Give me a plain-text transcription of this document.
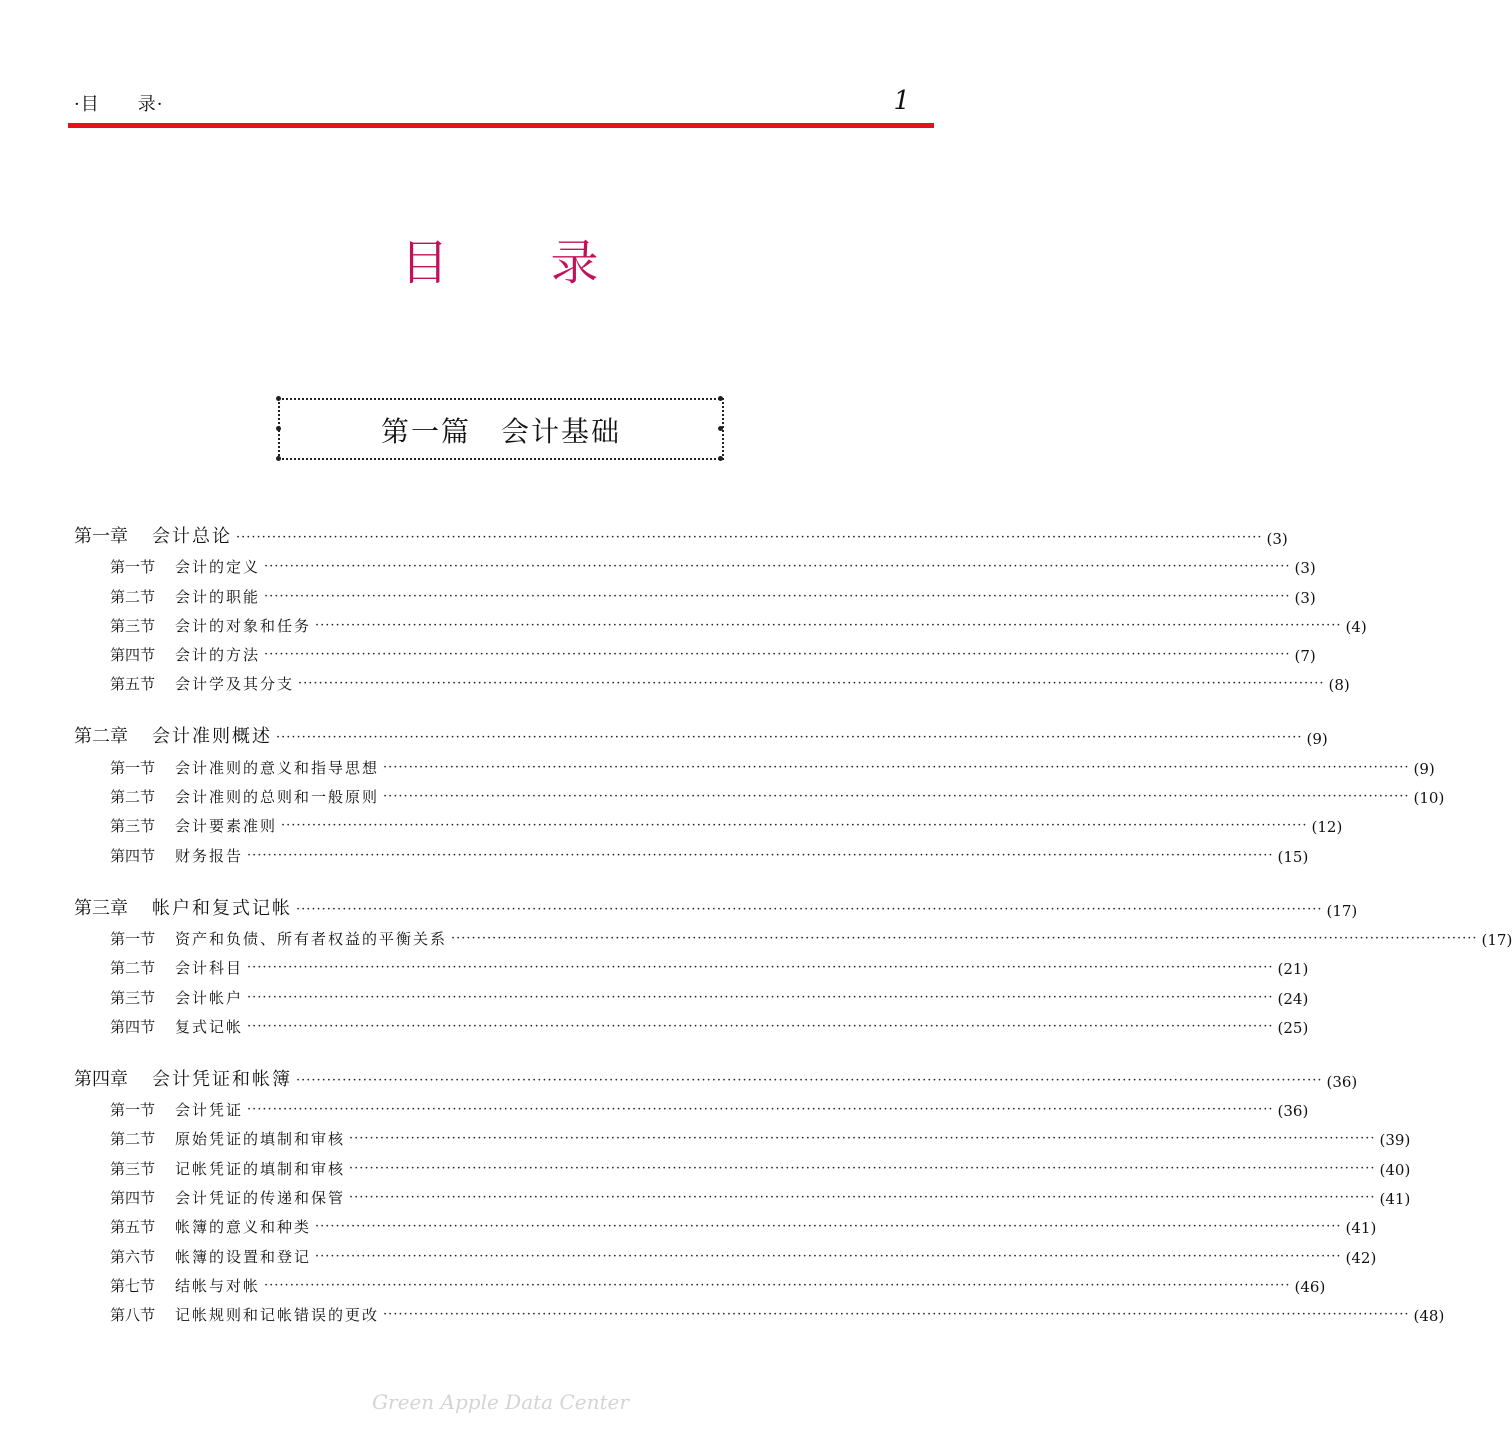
·目　　录·	1
目　　录
第一篇　会计基础
第一章 会计总论 ········································································································································································································ (3)
第一节 会计的定义 ········································································································································································································ (3)
第二节 会计的职能 ········································································································································································································ (3)
第三节 会计的对象和任务 ········································································································································································································ (4)
第四节 会计的方法 ········································································································································································································ (7)
第五节 会计学及其分支 ········································································································································································································ (8)
第二章 会计准则概述 ········································································································································································································ (9)
第一节 会计准则的意义和指导思想 ········································································································································································································ (9)
第二节 会计准则的总则和一般原则 ········································································································································································································ (10)
第三节 会计要素准则 ········································································································································································································ (12)
第四节 财务报告 ········································································································································································································ (15)
第三章 帐户和复式记帐 ········································································································································································································ (17)
第一节 资产和负债、所有者权益的平衡关系 ········································································································································································································ (17)
第二节 会计科目 ········································································································································································································ (21)
第三节 会计帐户 ········································································································································································································ (24)
第四节 复式记帐 ········································································································································································································ (25)
第四章 会计凭证和帐簿 ········································································································································································································ (36)
第一节 会计凭证 ········································································································································································································ (36)
第二节 原始凭证的填制和审核 ········································································································································································································ (39)
第三节 记帐凭证的填制和审核 ········································································································································································································ (40)
第四节 会计凭证的传递和保管 ········································································································································································································ (41)
第五节 帐簿的意义和种类 ········································································································································································································ (41)
第六节 帐簿的设置和登记 ········································································································································································································ (42)
第七节 结帐与对帐 ········································································································································································································ (46)
第八节 记帐规则和记帐错误的更改 ········································································································································································································ (48)
Green Apple Data Center
